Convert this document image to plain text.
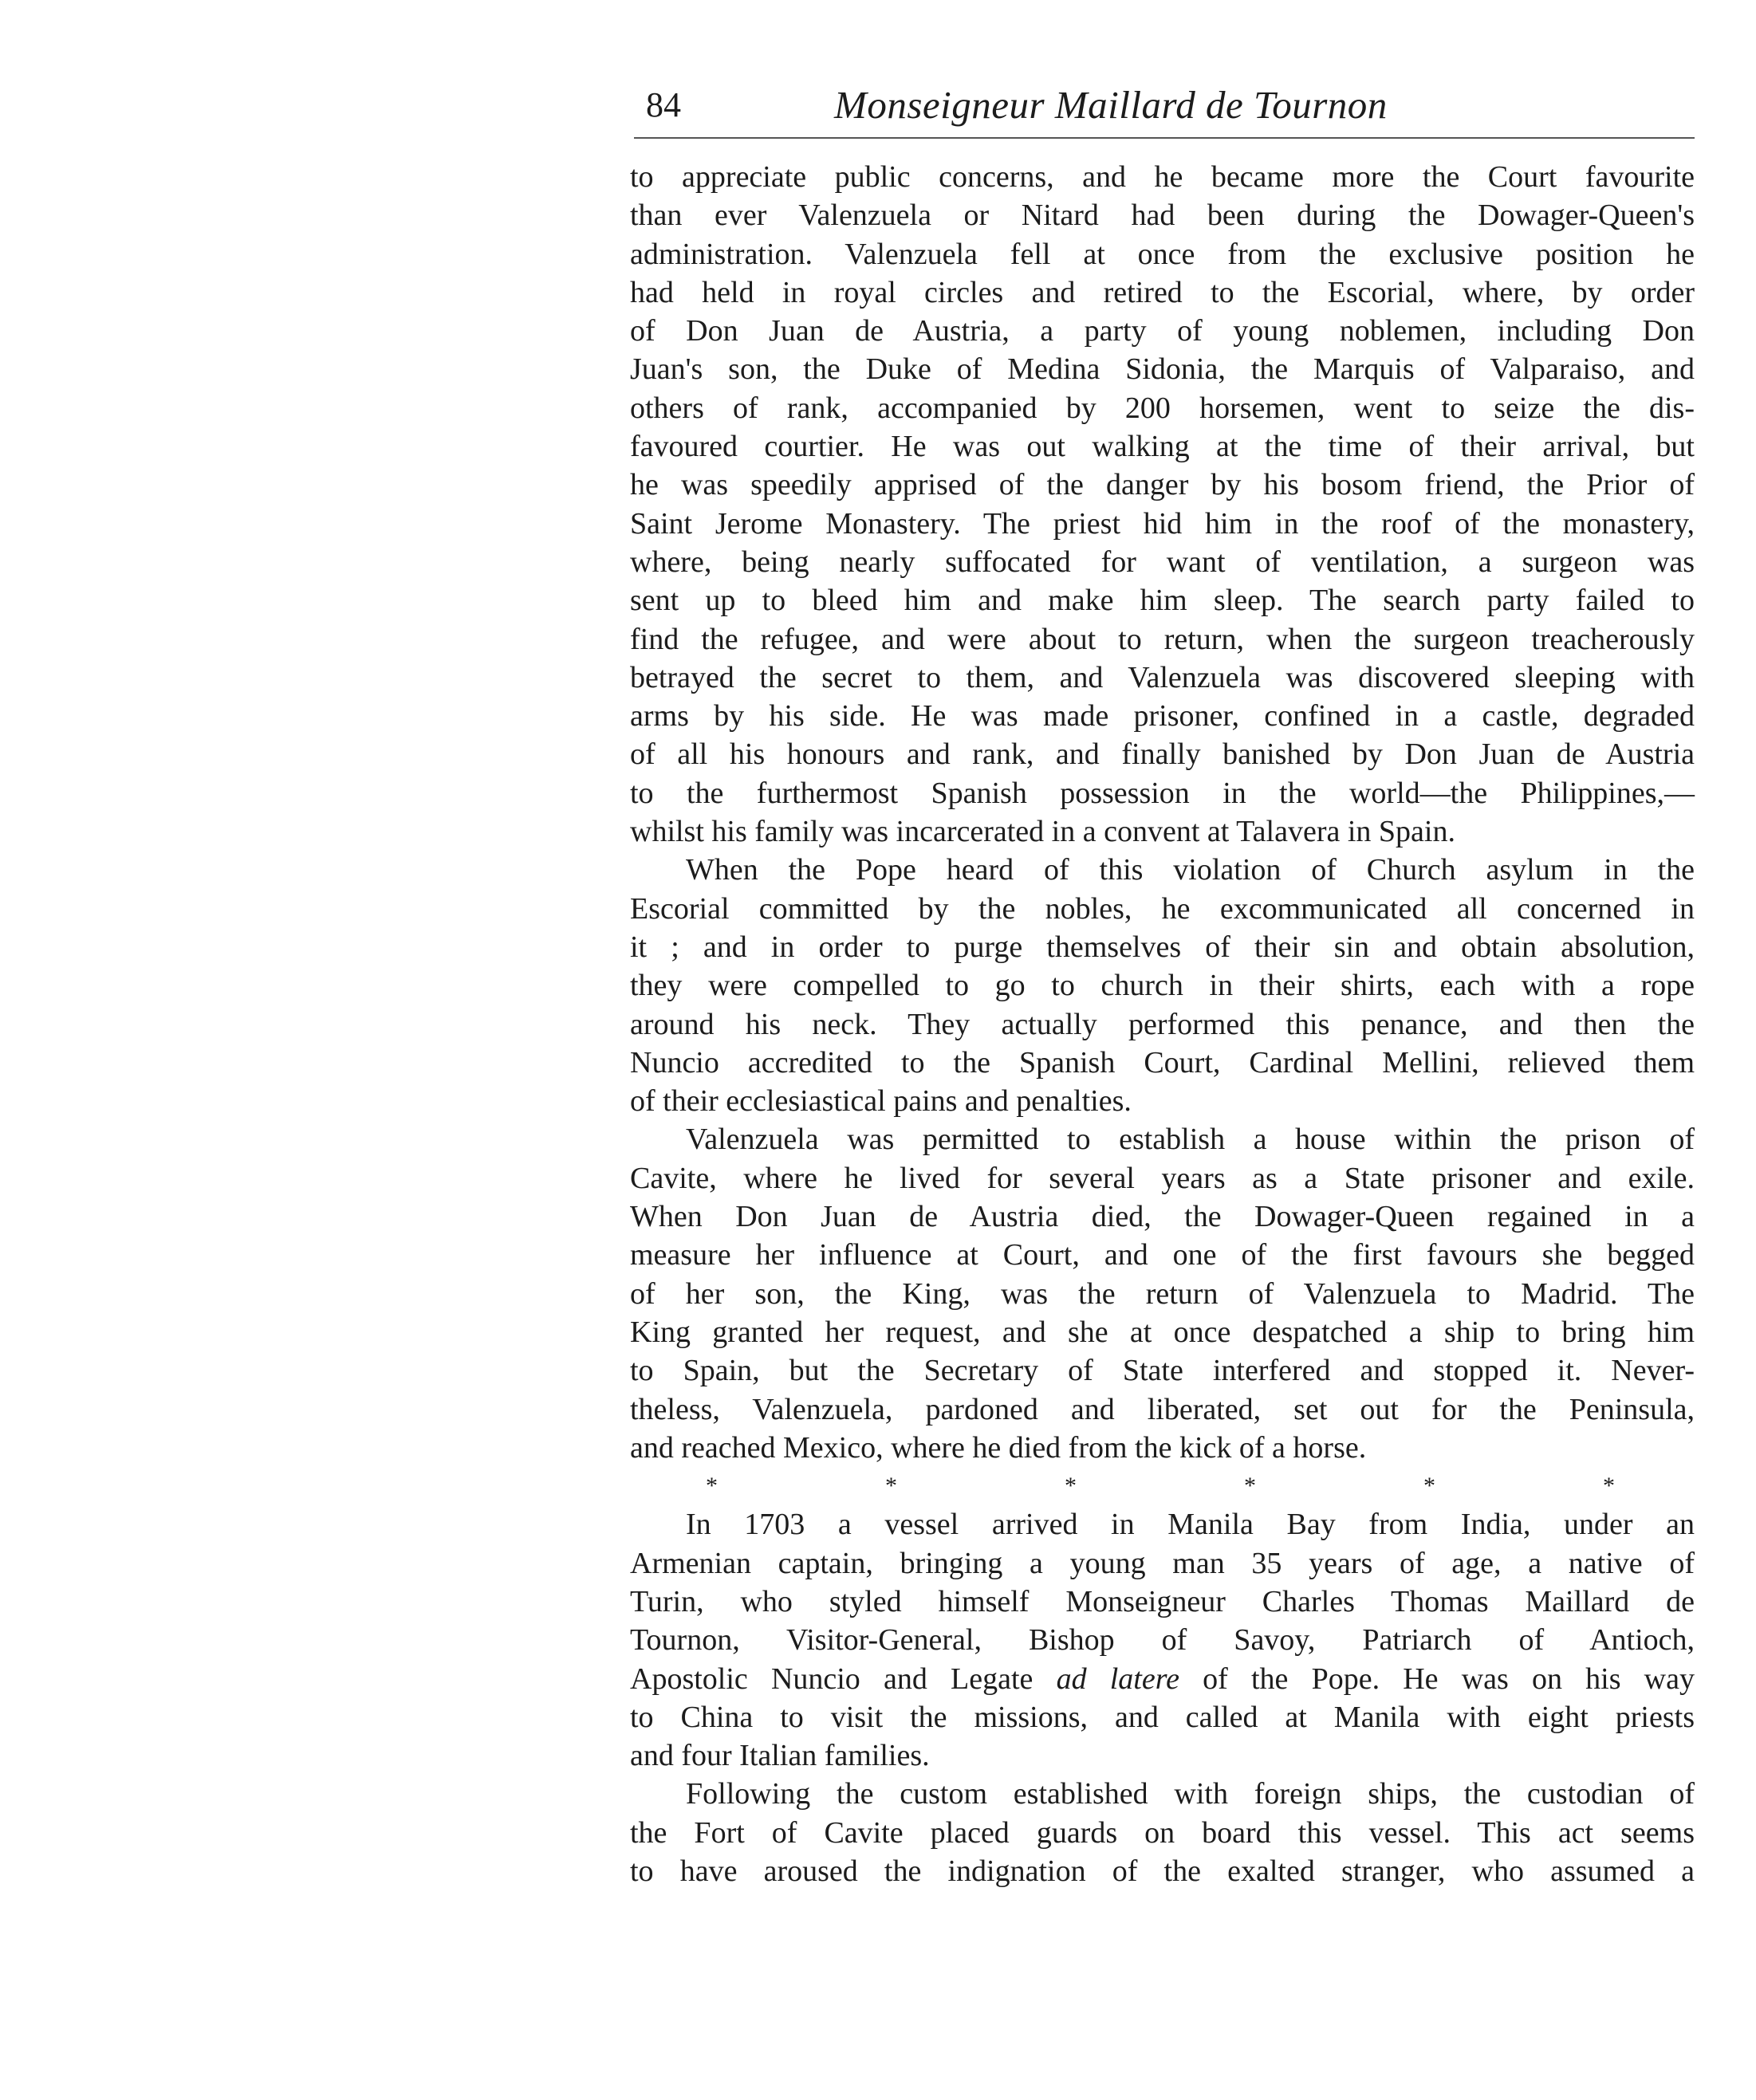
84	Monseigneur Maillard de Tournon
to appreciate public concerns, and he became more the Court favourite
than ever Valenzuela or Nitard had been during the Dowager-Queen's
administration. Valenzuela fell at once from the exclusive position he
had held in royal circles and retired to the Escorial, where, by order
of Don Juan de Austria, a party of young noblemen, including Don
Juan's son, the Duke of Medina Sidonia, the Marquis of Valparaiso, and
others of rank, accompanied by 200 horsemen, went to seize the dis-
favoured courtier. He was out walking at the time of their arrival, but
he was speedily apprised of the danger by his bosom friend, the Prior of
Saint Jerome Monastery. The priest hid him in the roof of the monastery,
where, being nearly suffocated for want of ventilation, a surgeon was
sent up to bleed him and make him sleep. The search party failed to
find the refugee, and were about to return, when the surgeon treacherously
betrayed the secret to them, and Valenzuela was discovered sleeping with
arms by his side. He was made prisoner, confined in a castle, degraded
of all his honours and rank, and finally banished by Don Juan de Austria
to the furthermost Spanish possession in the world—the Philippines,—
whilst his family was incarcerated in a convent at Talavera in Spain.
When the Pope heard of this violation of Church asylum in the
Escorial committed by the nobles, he excommunicated all concerned in
it ; and in order to purge themselves of their sin and obtain absolution,
they were compelled to go to church in their shirts, each with a rope
around his neck. They actually performed this penance, and then the
Nuncio accredited to the Spanish Court, Cardinal Mellini, relieved them
of their ecclesiastical pains and penalties.
Valenzuela was permitted to establish a house within the prison of
Cavite, where he lived for several years as a State prisoner and exile.
When Don Juan de Austria died, the Dowager-Queen regained in a
measure her influence at Court, and one of the first favours she begged
of her son, the King, was the return of Valenzuela to Madrid. The
King granted her request, and she at once despatched a ship to bring him
to Spain, but the Secretary of State interfered and stopped it. Never-
theless, Valenzuela, pardoned and liberated, set out for the Peninsula,
and reached Mexico, where he died from the kick of a horse.
*	*	*	*	*	*
In 1703 a vessel arrived in Manila Bay from India, under an
Armenian captain, bringing a young man 35 years of age, a native of
Turin, who styled himself Monseigneur Charles Thomas Maillard de
Tournon, Visitor-General, Bishop of Savoy, Patriarch of Antioch,
Apostolic Nuncio and Legate ad latere of the Pope. He was on his way
to China to visit the missions, and called at Manila with eight priests
and four Italian families.
Following the custom established with foreign ships, the custodian of
the Fort of Cavite placed guards on board this vessel. This act seems
to have aroused the indignation of the exalted stranger, who assumed a
